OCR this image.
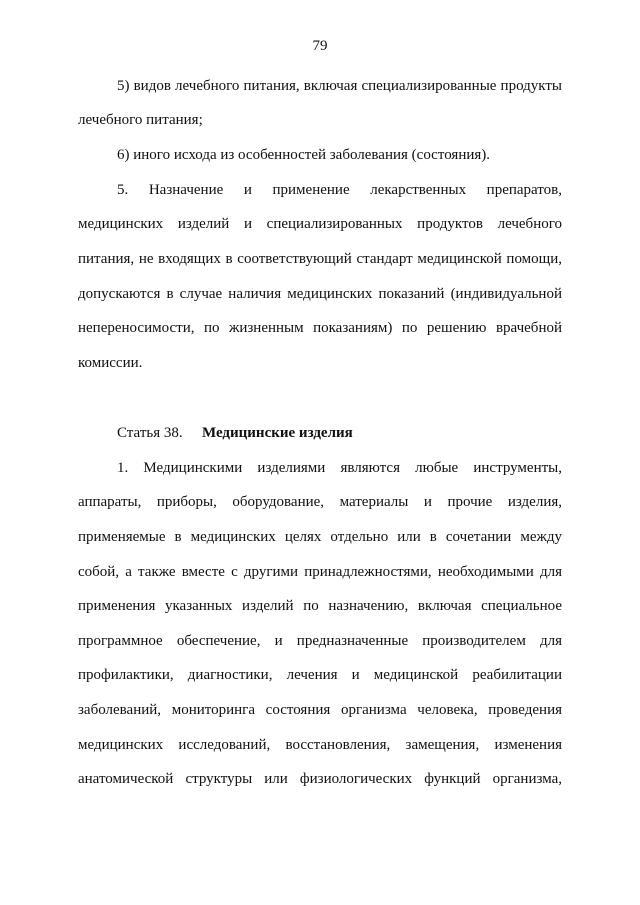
79
5) видов лечебного питания, включая специализированные продукты
лечебного питания;
6) иного исхода из особенностей заболевания (состояния).
5. Назначение и применение лекарственных препаратов,
медицинских изделий и специализированных продуктов лечебного
питания, не входящих в соответствующий стандарт медицинской помощи,
допускаются в случае наличия медицинских показаний (индивидуальной
непереносимости, по жизненным показаниям) по решению врачебной
комиссии.
Статья 38. Медицинские изделия
1. Медицинскими изделиями являются любые инструменты,
аппараты, приборы, оборудование, материалы и прочие изделия,
применяемые в медицинских целях отдельно или в сочетании между
собой, а также вместе с другими принадлежностями, необходимыми для
применения указанных изделий по назначению, включая специальное
программное обеспечение, и предназначенные производителем для
профилактики, диагностики, лечения и медицинской реабилитации
заболеваний, мониторинга состояния организма человека, проведения
медицинских исследований, восстановления, замещения, изменения
анатомической структуры или физиологических функций организма,
